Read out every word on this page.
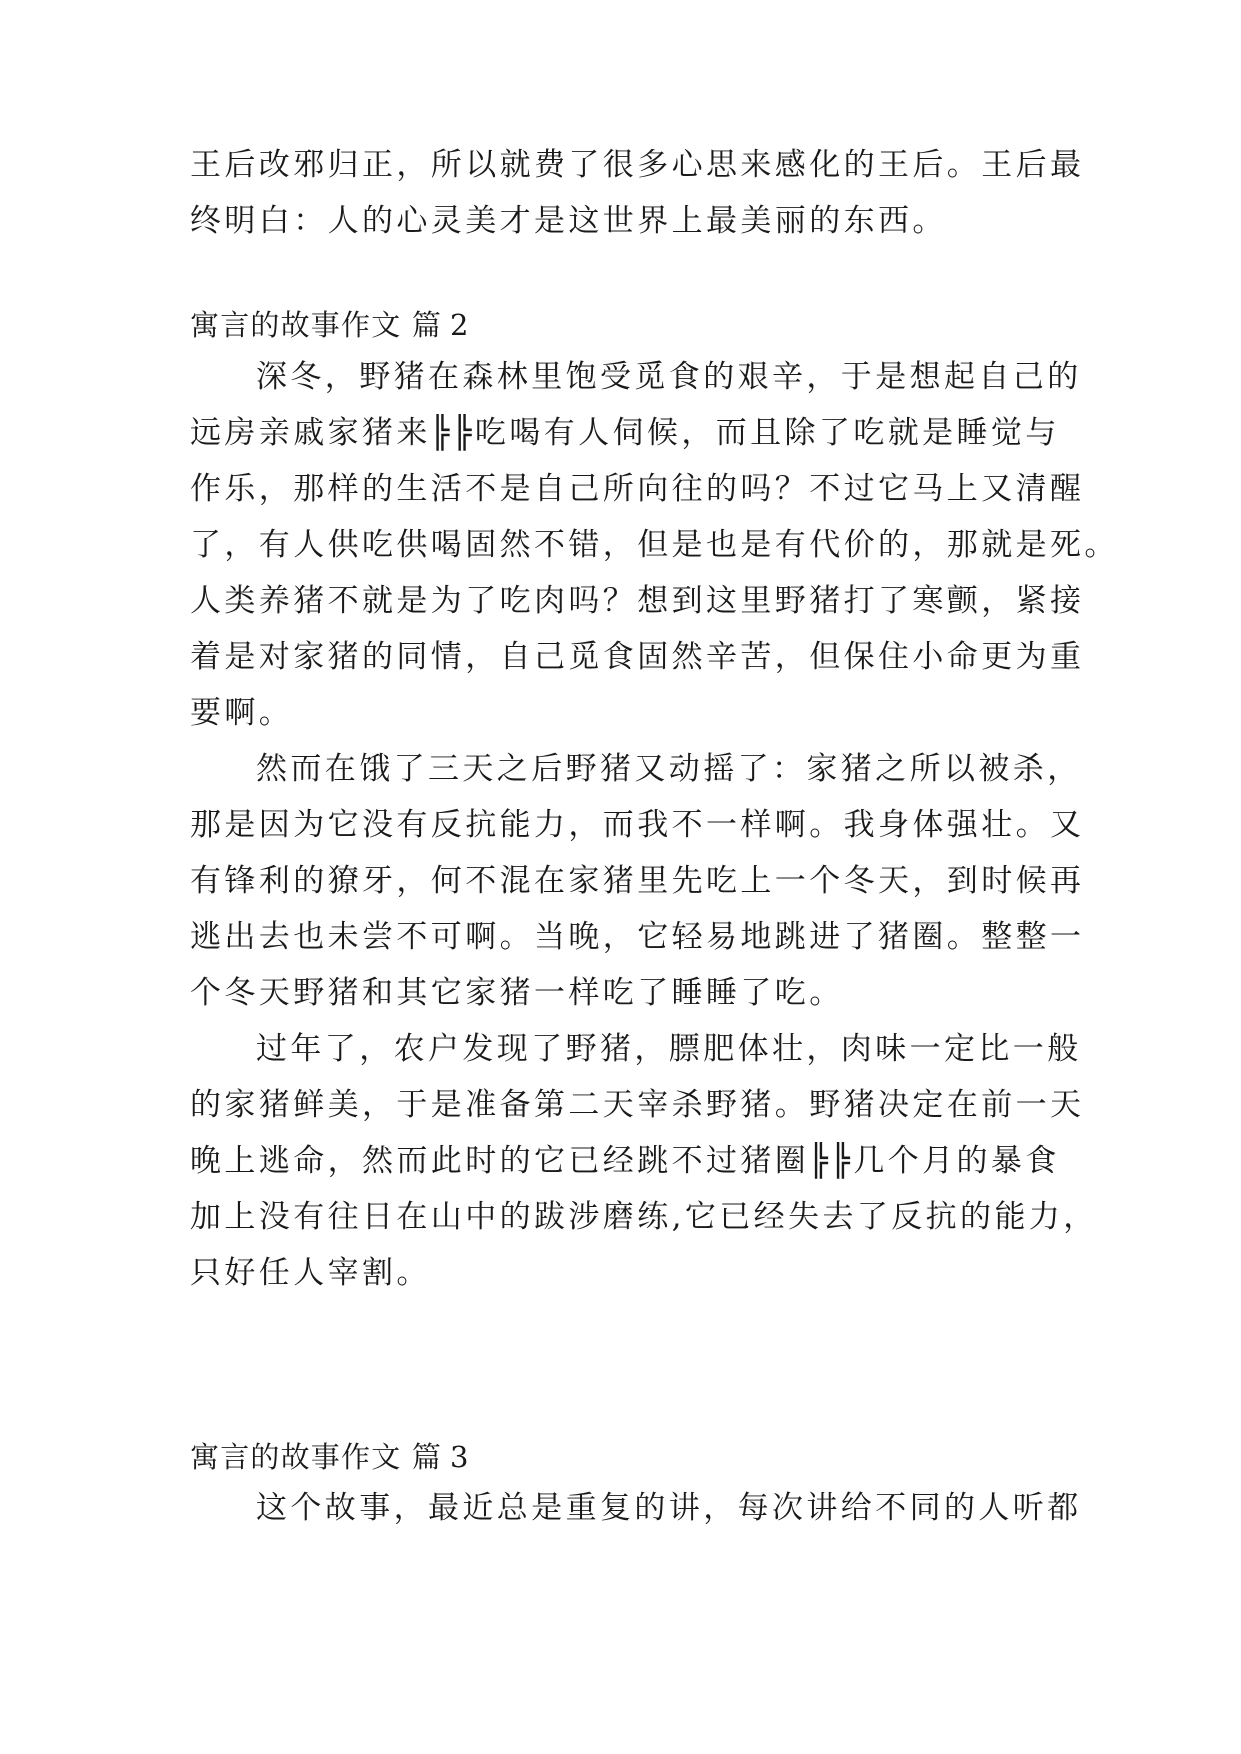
王后改邪归正，所以就费了很多心思来感化的王后。王后最
终明白：人的心灵美才是这世界上最美丽的东西。
寓言的故事作文 篇 2
深冬，野猪在森林里饱受觅食的艰辛，于是想起自己的
远房亲戚家猪来╠╠吃喝有人伺候，而且除了吃就是睡觉与
作乐，那样的生活不是自己所向往的吗？不过它马上又清醒
了，有人供吃供喝固然不错，但是也是有代价的，那就是死。
人类养猪不就是为了吃肉吗？想到这里野猪打了寒颤，紧接
着是对家猪的同情，自己觅食固然辛苦，但保住小命更为重
要啊。
然而在饿了三天之后野猪又动摇了：家猪之所以被杀，
那是因为它没有反抗能力，而我不一样啊。我身体强壮。又
有锋利的獠牙，何不混在家猪里先吃上一个冬天，到时候再
逃出去也未尝不可啊。当晚，它轻易地跳进了猪圈。整整一
个冬天野猪和其它家猪一样吃了睡睡了吃。
过年了，农户发现了野猪，膘肥体壮，肉味一定比一般
的家猪鲜美，于是准备第二天宰杀野猪。野猪决定在前一天
晚上逃命，然而此时的它已经跳不过猪圈╠╠几个月的暴食
加上没有往日在山中的跋涉磨练,它已经失去了反抗的能力，
只好任人宰割。
寓言的故事作文 篇 3
这个故事，最近总是重复的讲，每次讲给不同的人听都
